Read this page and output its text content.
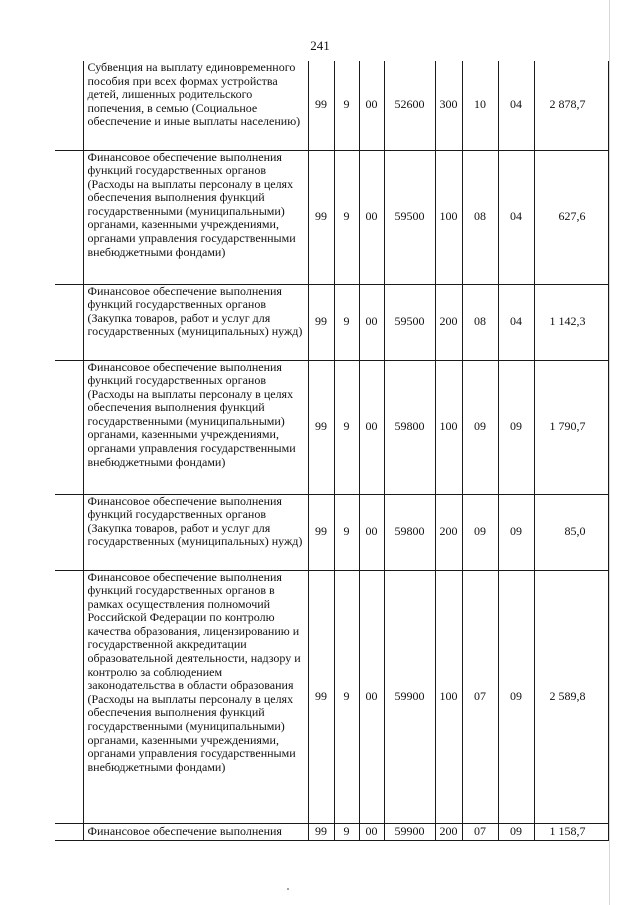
241
	Субвенция на выплату единовременного пособия при всех формах устройства детей, лишенных родительского попечения, в семью (Социальное обеспечение и иные выплаты населению)	99	9	00	52600	300	10	04	2 878,7
	Финансовое обеспечение выполнения функций государственных органов (Расходы на выплаты персоналу в целях обеспечения выполнения функций государственными (муниципальными) органами, казенными учреждениями, органами управления государственными внебюджетными фондами)	99	9	00	59500	100	08	04	627,6
	Финансовое обеспечение выполнения функций государственных органов (Закупка товаров, работ и услуг для государственных (муниципальных) нужд)	99	9	00	59500	200	08	04	1 142,3
	Финансовое обеспечение выполнения функций государственных органов (Расходы на выплаты персоналу в целях обеспечения выполнения функций государственными (муниципальными) органами, казенными учреждениями, органами управления государственными внебюджетными фондами)	99	9	00	59800	100	09	09	1 790,7
	Финансовое обеспечение выполнения функций государственных органов (Закупка товаров, работ и услуг для государственных (муниципальных) нужд)	99	9	00	59800	200	09	09	85,0
	Финансовое обеспечение выполнения функций государственных органов в рамках осуществления полномочий Российской Федерации по контролю качества образования, лицензированию и государственной аккредитации образовательной деятельности, надзору и контролю за соблюдением законодательства в области образования (Расходы на выплаты персоналу в целях обеспечения выполнения функций государственными (муниципальными) органами, казенными учреждениями, органами управления государственными внебюджетными фондами)	99	9	00	59900	100	07	09	2 589,8
	Финансовое обеспечение выполнения	99	9	00	59900	200	07	09	1 158,7
